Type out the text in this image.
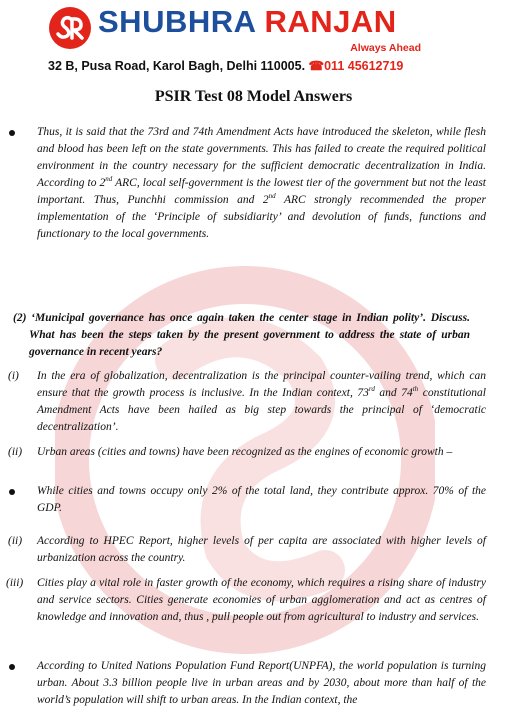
SHUBHRA RANJAN
Always Ahead
32 B, Pusa Road, Karol Bagh, Delhi 110005. ☎011 45612719
PSIR Test 08 Model Answers
Thus, it is said that the 73rd and 74th Amendment Acts have introduced the skeleton, while flesh and blood has been left on the state governments. This has failed to create the required political environment in the country necessary for the sufficient democratic decentralization in India. According to 2nd ARC, local self-government is the lowest tier of the government but not the least important. Thus, Punchhi commission and 2nd ARC strongly recommended the proper implementation of the ‘Principle of subsidiarity’ and devolution of funds, functions and functionary to the local governments.
(2) ‘Municipal governance has once again taken the center stage in Indian polity’. Discuss. What has been the steps taken by the present government to address the state of urban governance in recent years?
(i) In the era of globalization, decentralization is the principal counter-vailing trend, which can ensure that the growth process is inclusive. In the Indian context, 73rd and 74th constitutional Amendment Acts have been hailed as big step towards the principal of ‘democratic decentralization’.
(ii) Urban areas (cities and towns) have been recognized as the engines of economic growth –
While cities and towns occupy only 2% of the total land, they contribute approx. 70% of the GDP.
(ii) According to HPEC Report, higher levels of per capita are associated with higher levels of urbanization across the country.
(iii) Cities play a vital role in faster growth of the economy, which requires a rising share of industry and service sectors. Cities generate economies of urban agglomeration and act as centres of knowledge and innovation and, thus , pull people out from agricultural to industry and services.
According to United Nations Population Fund Report(UNPFA), the world population is turning urban. About 3.3 billion people live in urban areas and by 2030, about more than half of the world’s population will shift to urban areas. In the Indian context, the
